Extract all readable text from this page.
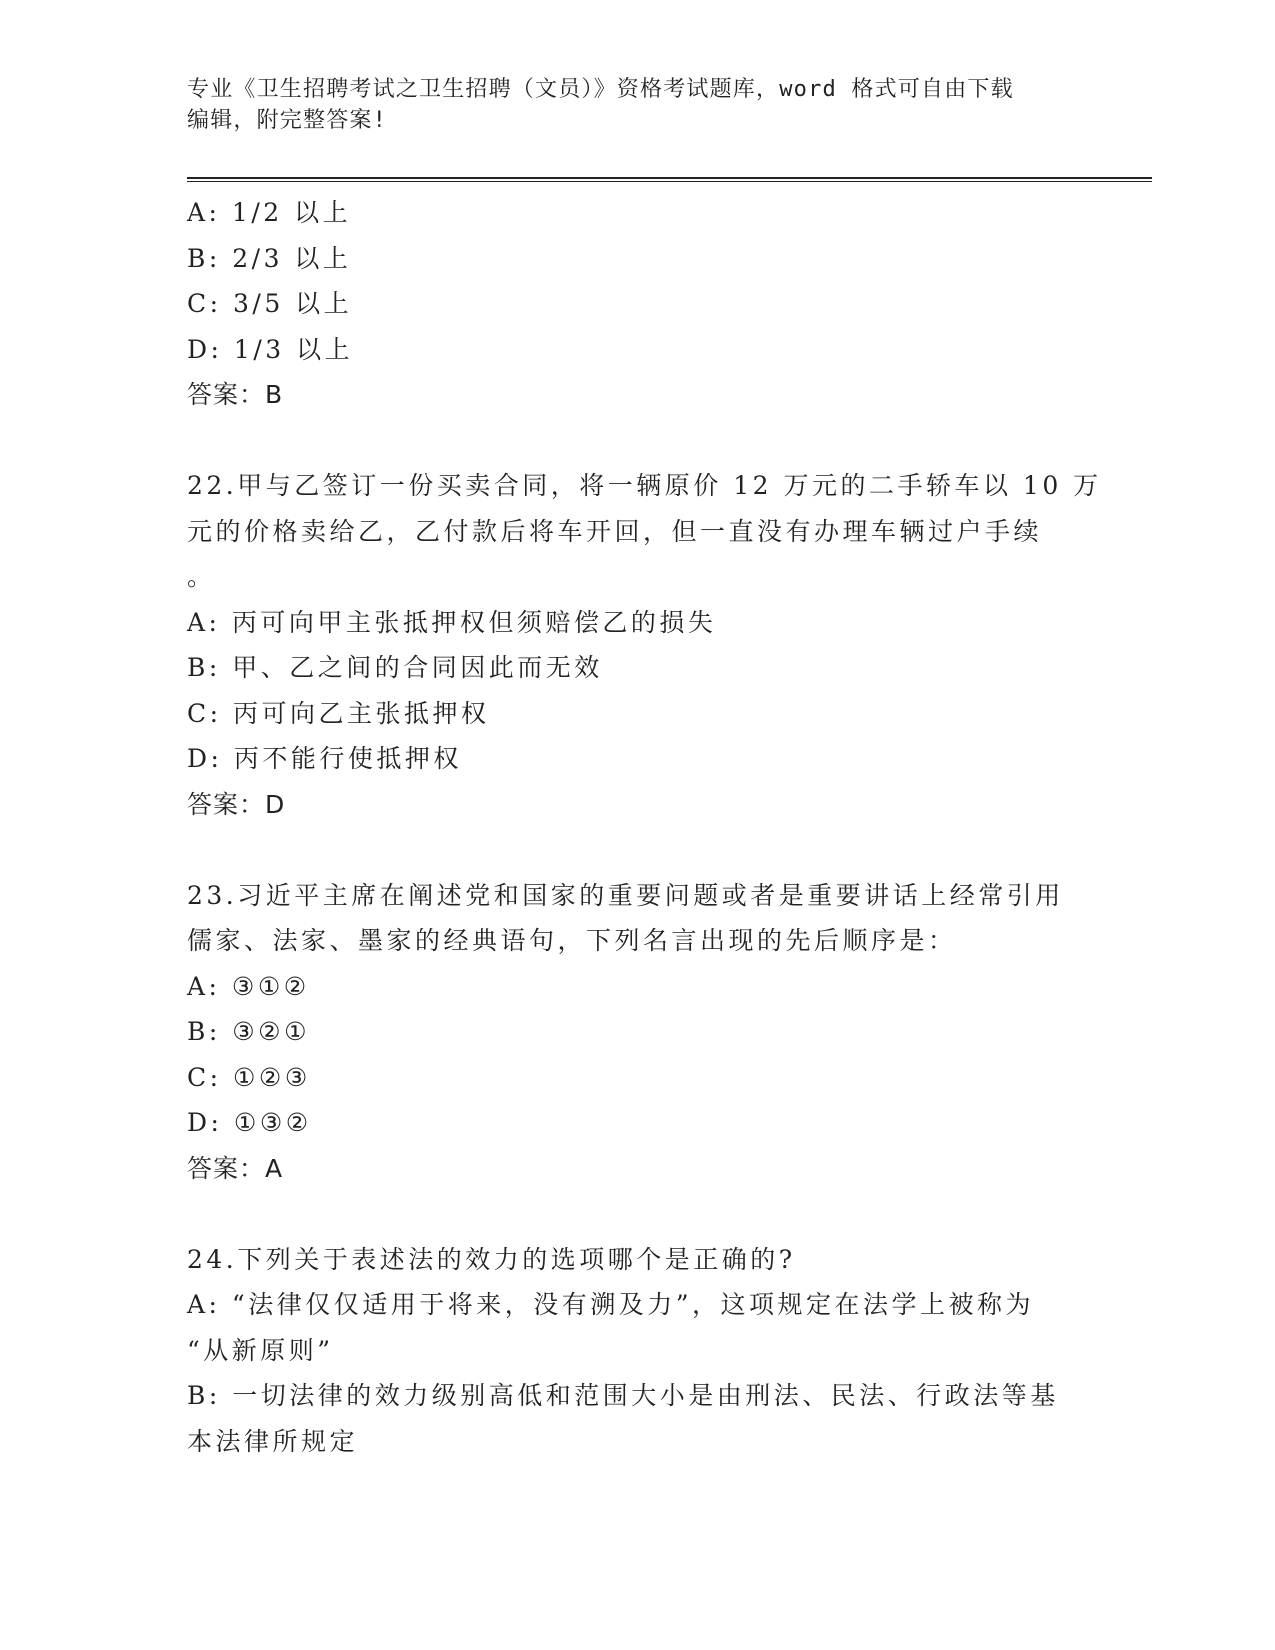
专业《卫生招聘考试之卫生招聘（文员）》资格考试题库，word 格式可自由下载
编辑，附完整答案!
A: 1/2 以上
B: 2/3 以上
C: 3/5 以上
D: 1/3 以上
答案：B
22.甲与乙签订一份买卖合同，将一辆原价 12 万元的二手轿车以 10 万
元的价格卖给乙，乙付款后将车开回，但一直没有办理车辆过户手续
。
A: 丙可向甲主张抵押权但须赔偿乙的损失
B: 甲、乙之间的合同因此而无效
C: 丙可向乙主张抵押权
D: 丙不能行使抵押权
答案：D
23.习近平主席在阐述党和国家的重要问题或者是重要讲话上经常引用
儒家、法家、墨家的经典语句，下列名言出现的先后顺序是：
A: ③①②
B: ③②①
C: ①②③
D: ①③②
答案：A
24.下列关于表述法的效力的选项哪个是正确的?
A: “法律仅仅适用于将来，没有溯及力”，这项规定在法学上被称为
“从新原则”
B: 一切法律的效力级别高低和范围大小是由刑法、民法、行政法等基
本法律所规定
